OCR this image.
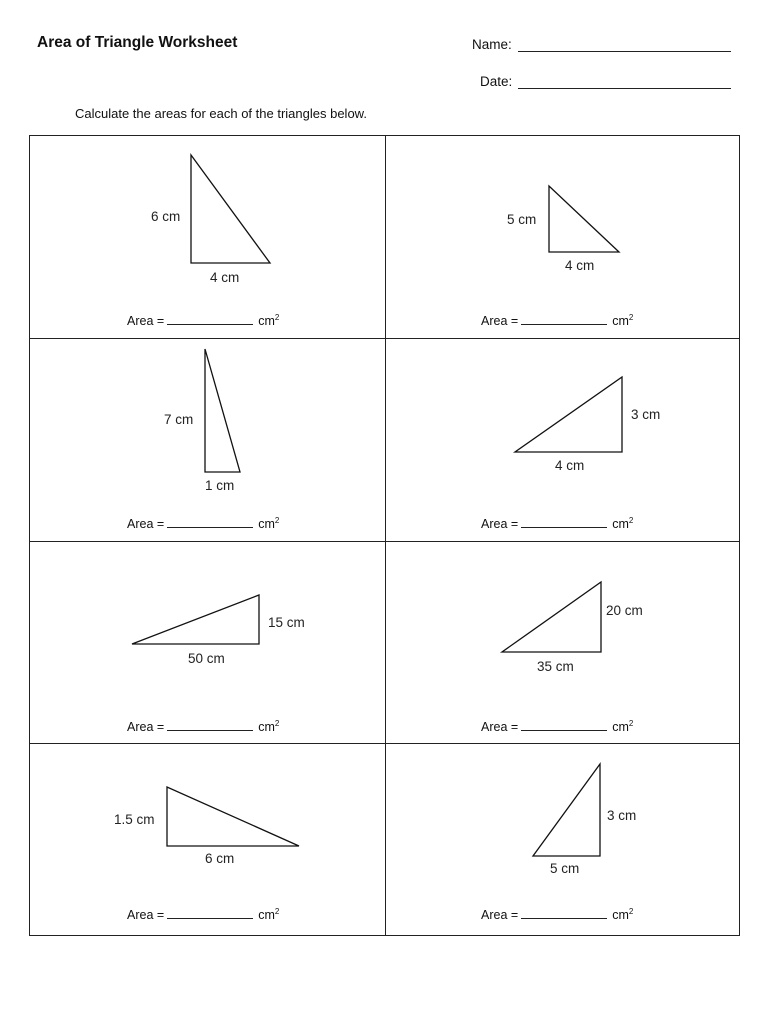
Area of Triangle Worksheet	Name:
Date:
Calculate the areas for each of the triangles below.
6 cm
4 cm
Area =	$cm^2$
5 cm
4 cm
Area =	$cm^2$
7 cm
1 cm
Area =	$cm^2$
3 cm
4 cm
Area =	$cm^2$
15 cm
50 cm
Area =	$cm^2$
20 cm
35 cm
Area =	$cm^2$
1.5 cm
6 cm
Area =	$cm^2$
3 cm
5 cm
Area =	$cm^2$
